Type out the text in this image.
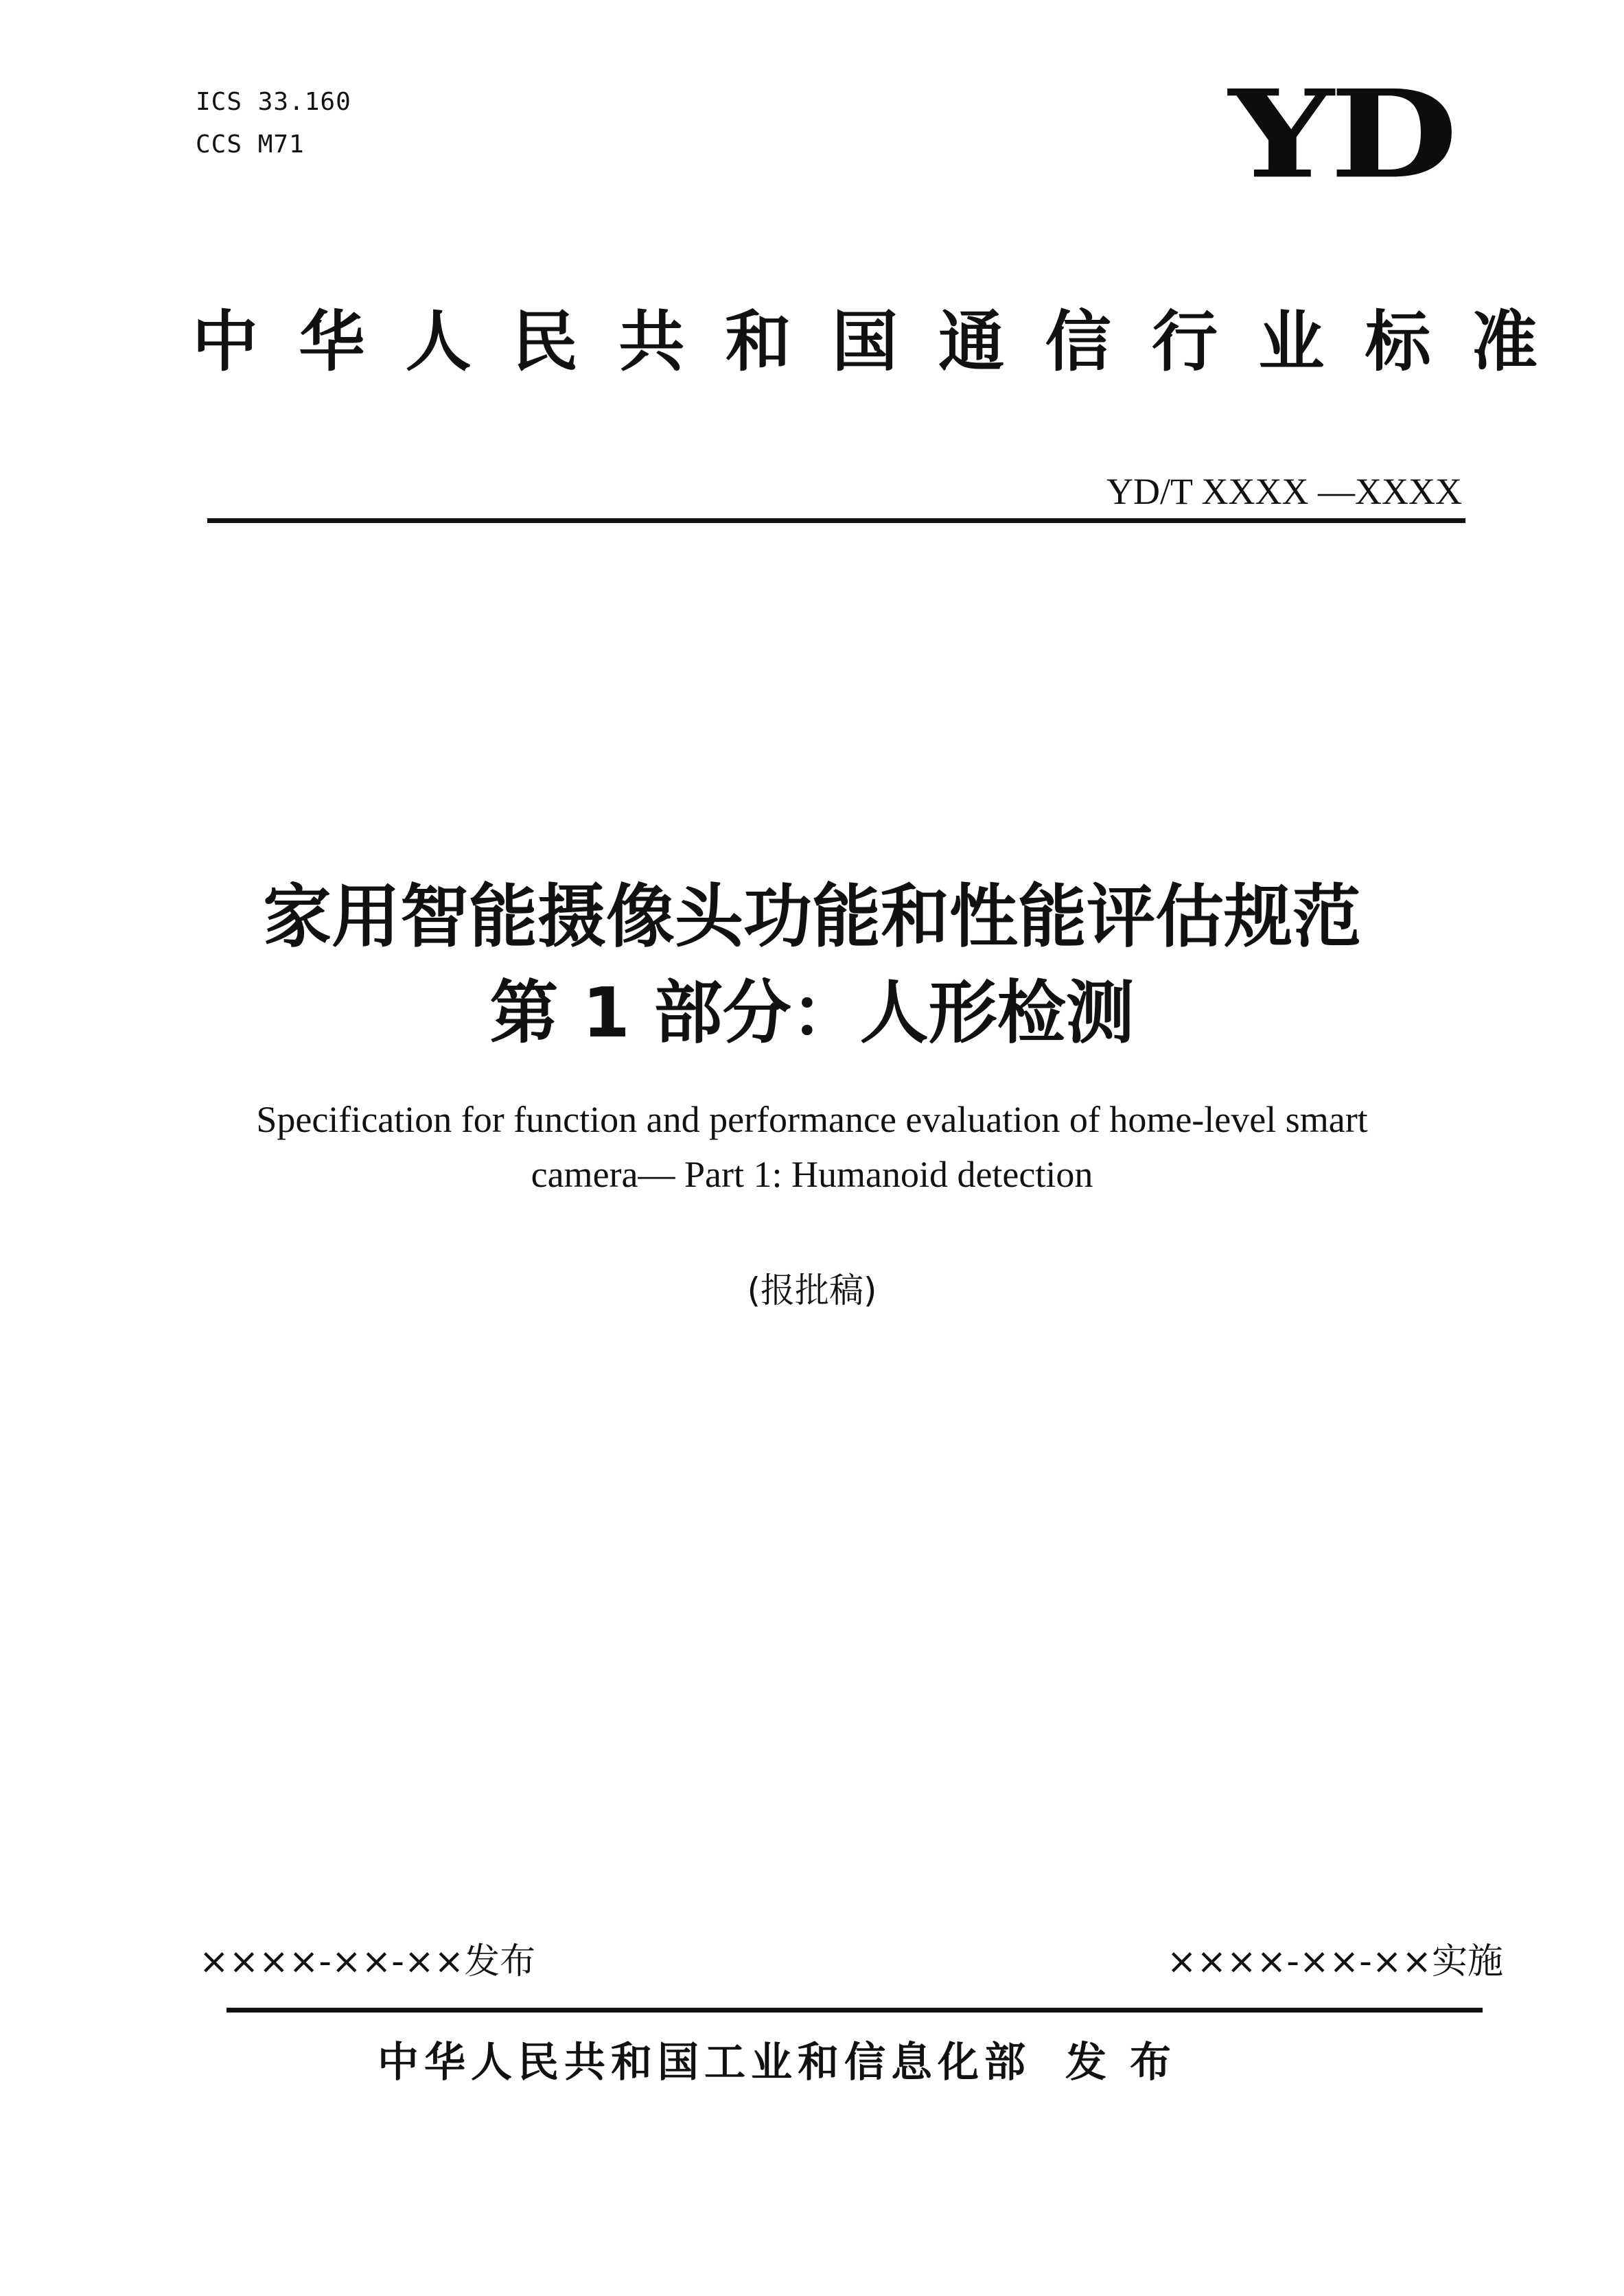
ICS 33.160
CCS M71	YD
中 华 人 民 共 和 国 通 信 行 业 标 准
YD/T XXXX —XXXX
家用智能摄像头功能和性能评估规范
第 1 部分：人形检测
Specification for function and performance evaluation of home-level smart
camera— Part 1: Humanoid detection
(报批稿)
××××-××-××发布	××××-××-××实施
中华人民共和国工业和信息化部 发布
